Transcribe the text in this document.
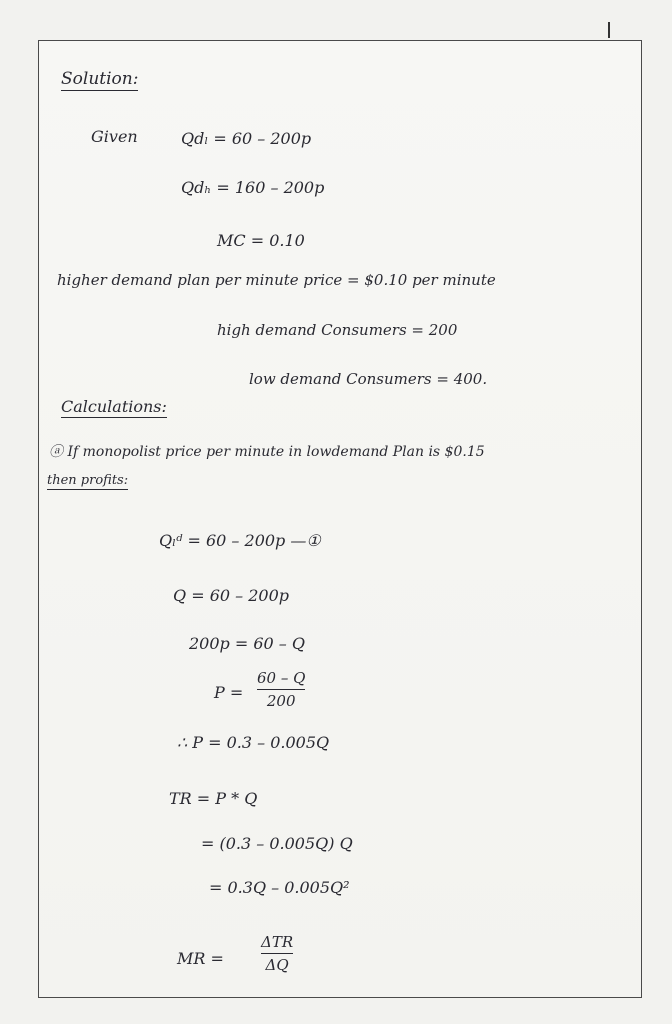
Solution:
Given	Qdₗ = 60 – 200p
Qdₕ = 160 – 200p
MC = 0.10
higher demand plan per minute price = $0.10 per minute
high demand Consumers = 200
low demand Consumers = 400.
Calculations:
ⓐ If monopolist price per minute in lowdemand Plan is $0.15
then profits:
Qₗᵈ = 60 – 200p —①
Q = 60 – 200p
200p = 60 – Q
P =
60 – Q
200
∴ P = 0.3 – 0.005Q
TR = P * Q
= (0.3 – 0.005Q) Q
= 0.3Q – 0.005Q²
MR =
ΔTR
ΔQ
